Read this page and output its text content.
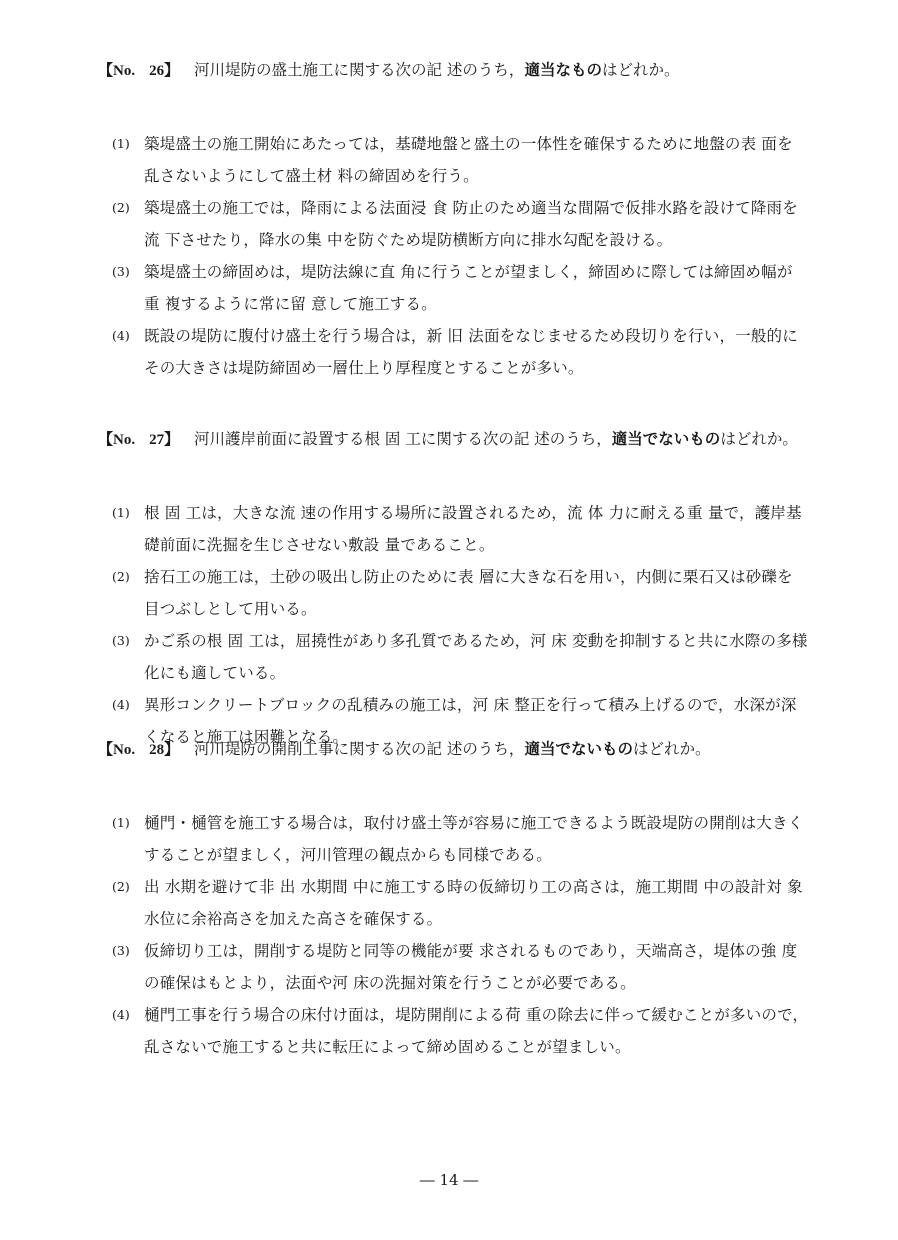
【No. 26】 河川堤防の盛土施工に関する次の記 述のうち，適当なものはどれか。
(1) 築堤盛土の施工開始にあたっては，基礎地盤と盛土の一体性を確保するために地盤の表 面を
乱さないようにして盛土材 料の締固めを行う。
(2) 築堤盛土の施工では，降雨による法面浸 食 防止のため適当な間隔で仮排水路を設けて降雨を
流 下させたり，降水の集 中を防ぐため堤防横断方向に排水勾配を設ける。
(3) 築堤盛土の締固めは，堤防法線に直 角に行うことが望ましく，締固めに際しては締固め幅が
重 複するように常に留 意して施工する。
(4) 既設の堤防に腹付け盛土を行う場合は，新 旧 法面をなじませるため段切りを行い，一般的に
その大きさは堤防締固め一層仕上り厚程度とすることが多い。
【No. 27】 河川護岸前面に設置する根 固 工に関する次の記 述のうち，適当でないものはどれか。
(1) 根 固 工は，大きな流 速の作用する場所に設置されるため，流 体 力に耐える重 量で，護岸基
礎前面に洗掘を生じさせない敷設 量であること。
(2) 捨石工の施工は，土砂の吸出し防止のために表 層に大きな石を用い，内側に栗石又は砂礫を
目つぶしとして用いる。
(3) かご系の根 固 工は，屈撓性があり多孔質であるため，河 床 変動を抑制すると共に水際の多様
化にも適している。
(4) 異形コンクリートブロックの乱積みの施工は，河 床 整正を行って積み上げるので，水深が深
くなると施工は困難となる。
【No. 28】 河川堤防の開削工事に関する次の記 述のうち，適当でないものはどれか。
(1) 樋門・樋管を施工する場合は，取付け盛土等が容易に施工できるよう既設堤防の開削は大きく
することが望ましく，河川管理の観点からも同様である。
(2) 出 水期を避けて非 出 水期間 中に施工する時の仮締切り工の高さは，施工期間 中の設計対 象
水位に余裕高さを加えた高さを確保する。
(3) 仮締切り工は，開削する堤防と同等の機能が要 求されるものであり，天端高さ，堤体の強 度
の確保はもとより，法面や河 床の洗掘対策を行うことが必要である。
(4) 樋門工事を行う場合の床付け面は，堤防開削による荷 重の除去に伴って緩むことが多いので，
乱さないで施工すると共に転圧によって締め固めることが望ましい。
― 14 ―
